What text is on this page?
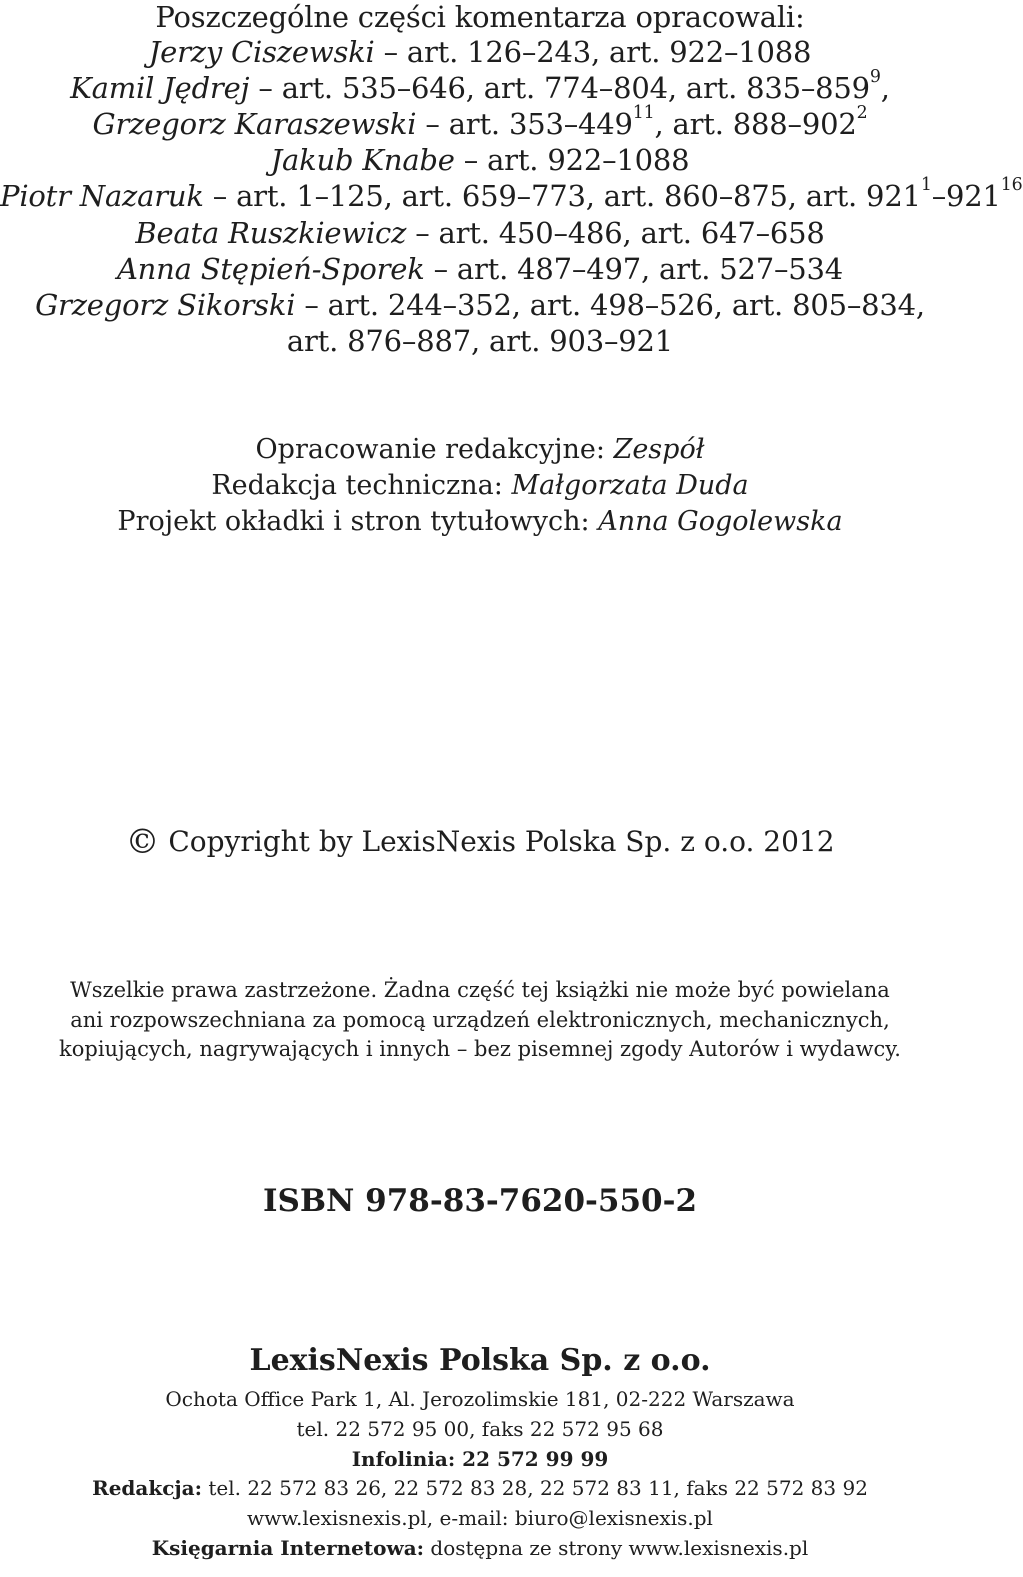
Poszczególne części komentarza opracowali:
Jerzy Ciszewski – art. 126–243, art. 922–1088
Kamil Jędrej – art. 535–646, art. 774–804, art. $835-859^9$,
Grzegorz Karaszewski – art. $353-449^{11}$, art. $888-902^2$
Jakub Knabe – art. 922–1088
Piotr Nazaruk – art. 1–125, art. 659–773, art. 860–875, art. $921^1-921^{16}$
Beata Ruszkiewicz – art. 450–486, art. 647–658
Anna Stępień-Sporek – art. 487–497, art. 527–534
Grzegorz Sikorski – art. 244–352, art. 498–526, art. 805–834,
art. 876–887, art. 903–921
Opracowanie redakcyjne: Zespół
Redakcja techniczna: Małgorzata Duda
Projekt okładki i stron tytułowych: Anna Gogolewska
© Copyright by LexisNexis Polska Sp. z o.o. 2012
Wszelkie prawa zastrzeżone. Żadna część tej książki nie może być powielana
ani rozpowszechniana za pomocą urządzeń elektronicznych, mechanicznych,
kopiujących, nagrywających i innych – bez pisemnej zgody Autorów i wydawcy.
ISBN 978-83-7620-550-2
LexisNexis Polska Sp. z o.o.
Ochota Office Park 1, Al. Jerozolimskie 181, 02-222 Warszawa
tel. 22 572 95 00, faks 22 572 95 68
Infolinia: 22 572 99 99
Redakcja: tel. 22 572 83 26, 22 572 83 28, 22 572 83 11, faks 22 572 83 92
www.lexisnexis.pl, e-mail: biuro@lexisnexis.pl
Księgarnia Internetowa: dostępna ze strony www.lexisnexis.pl
